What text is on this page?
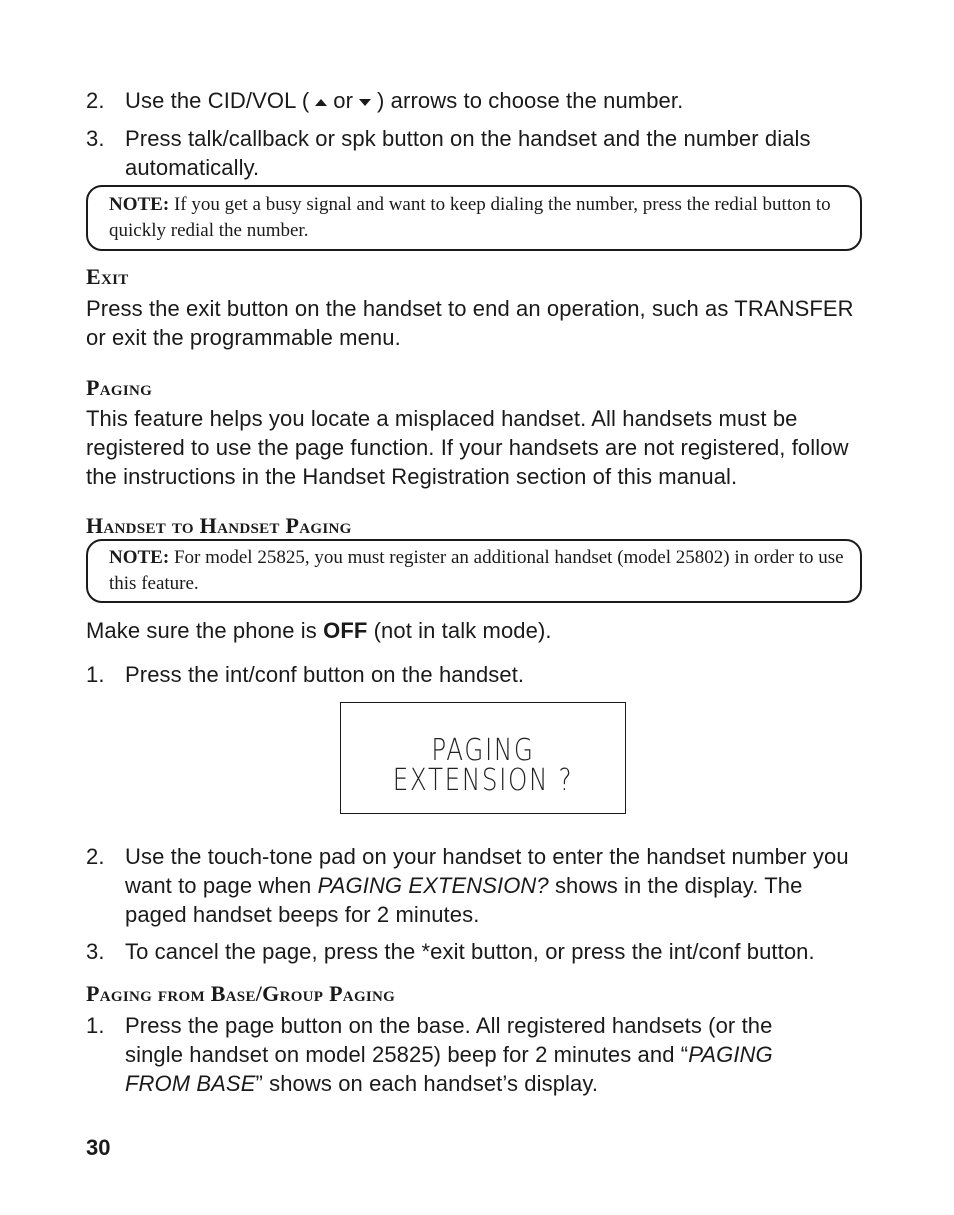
2. Use the CID/VOL ( or ) arrows to choose the number.
3. Press talk/callback or spk button on the handset and the number dials automatically.
NOTE: If you get a busy signal and want to keep dialing the number, press the redial button to quickly redial the number.
Exit
Press the exit button on the handset to end an operation, such as TRANSFER or exit the programmable menu.
Paging
This feature helps you locate a misplaced handset. All handsets must be registered to use the page function. If your handsets are not registered, follow the instructions in the Handset Registration section of this manual.
Handset to Handset Paging
NOTE: For model 25825, you must register an additional handset (model 25802) in order to use this feature.
Make sure the phone is OFF (not in talk mode).
1. Press the int/conf button on the handset.
PAGING
EXTENSION ?
2. Use the touch-tone pad on your handset to enter the handset number you want to page when PAGING EXTENSION? shows in the display. The paged handset beeps for 2 minutes.
3. To cancel the page, press the *exit button, or press the int/conf button.
Paging from Base/Group Paging
1. Press the page button on the base. All registered handsets (or the single handset on model 25825) beep for 2 minutes and “PAGING FROM BASE” shows on each handset’s display.
30
